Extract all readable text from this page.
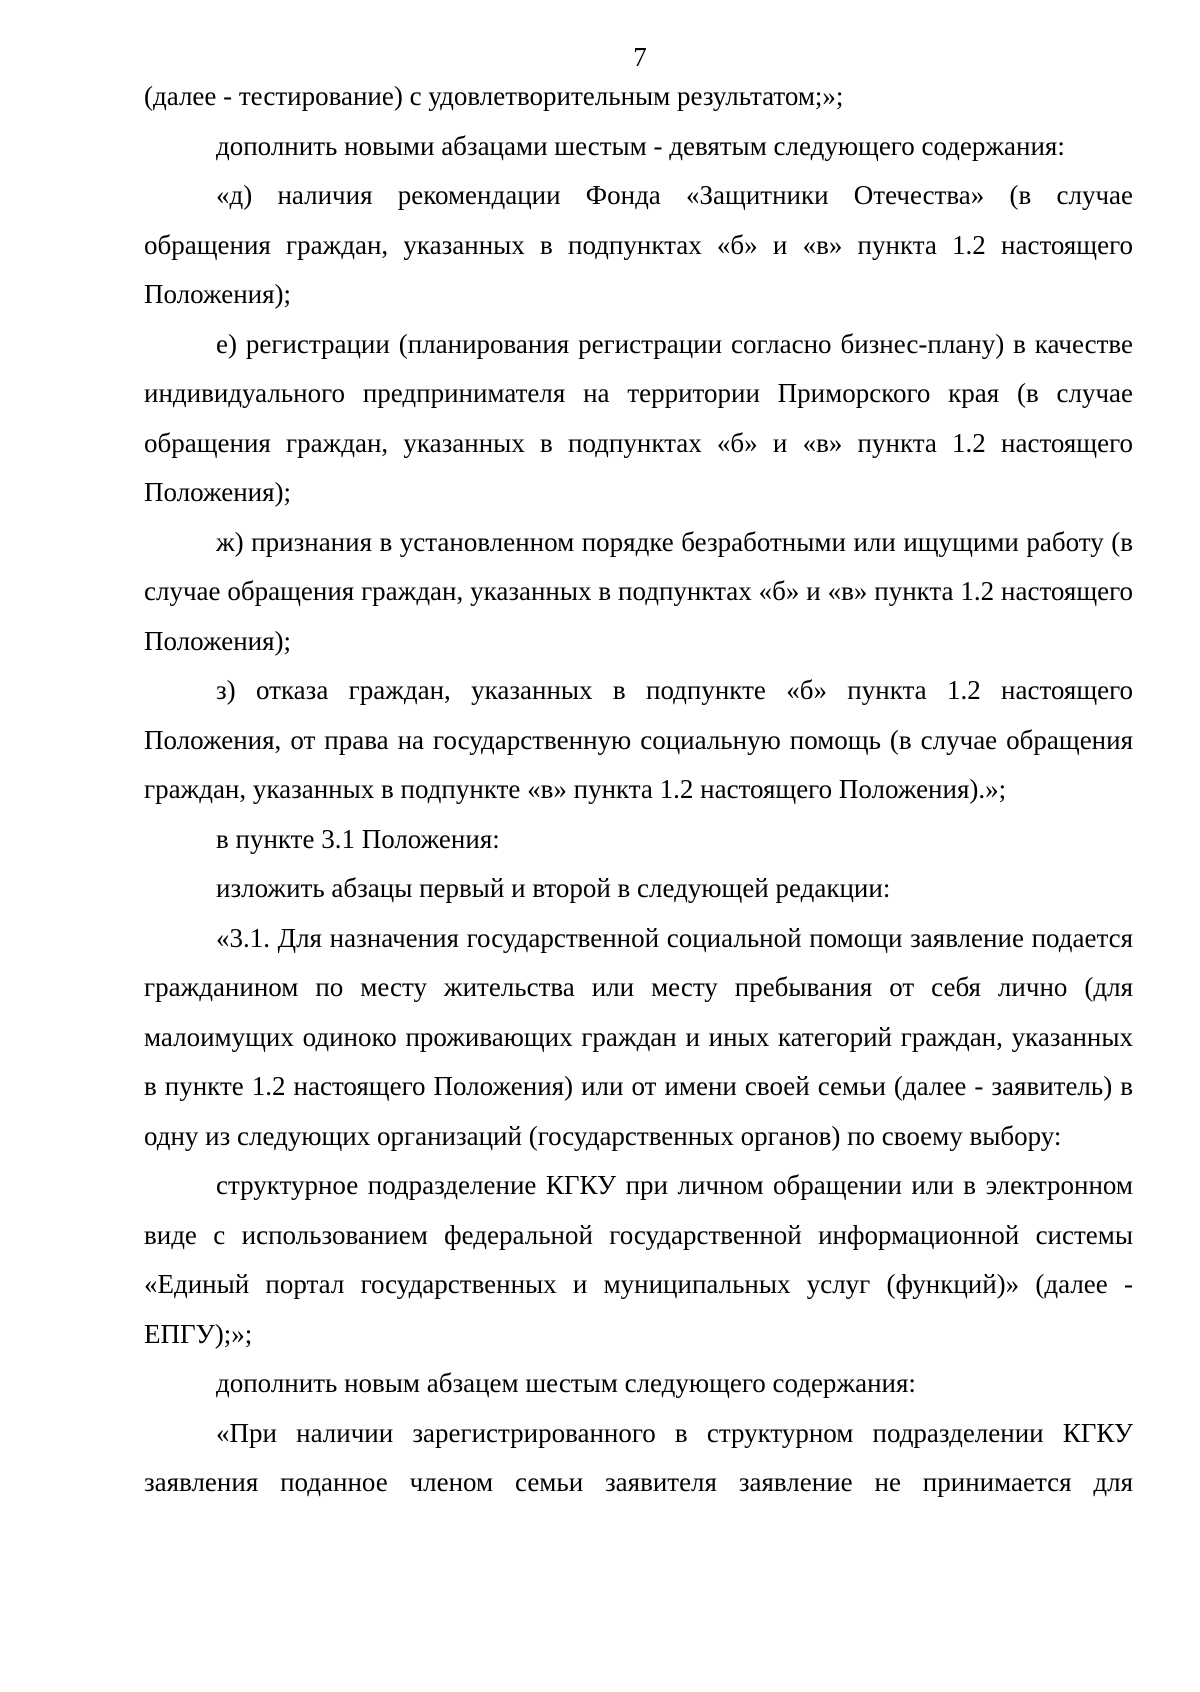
7

(далее - тестирование) с удовлетворительным результатом;»;

дополнить новыми абзацами шестым - девятым следующего содержания:

«д) наличия рекомендации Фонда «Защитники Отечества» (в случае обращения граждан, указанных в подпунктах «б» и «в» пункта 1.2 настоящего Положения);

е) регистрации (планирования регистрации согласно бизнес-плану) в качестве индивидуального предпринимателя на территории Приморского края (в случае обращения граждан, указанных в подпунктах «б» и «в» пункта 1.2 настоящего Положения);

ж) признания в установленном порядке безработными или ищущими работу (в случае обращения граждан, указанных в подпунктах «б» и «в» пункта 1.2 настоящего Положения);

з) отказа граждан, указанных в подпункте «б» пункта 1.2 настоящего Положения, от права на государственную социальную помощь (в случае обращения граждан, указанных в подпункте «в» пункта 1.2 настоящего Положения).»;

в пункте 3.1 Положения:

изложить абзацы первый и второй в следующей редакции:

«3.1. Для назначения государственной социальной помощи заявление подается гражданином по месту жительства или месту пребывания от себя лично (для малоимущих одиноко проживающих граждан и иных категорий граждан, указанных в пункте 1.2 настоящего Положения) или от имени своей семьи (далее - заявитель) в одну из следующих организаций (государственных органов) по своему выбору:

структурное подразделение КГКУ при личном обращении или в электронном виде с использованием федеральной государственной информационной системы «Единый портал государственных и муниципальных услуг (функций)» (далее - ЕПГУ);»;

дополнить новым абзацем шестым следующего содержания:

«При наличии зарегистрированного в структурном подразделении КГКУ заявления поданное членом семьи заявителя заявление не принимается для
